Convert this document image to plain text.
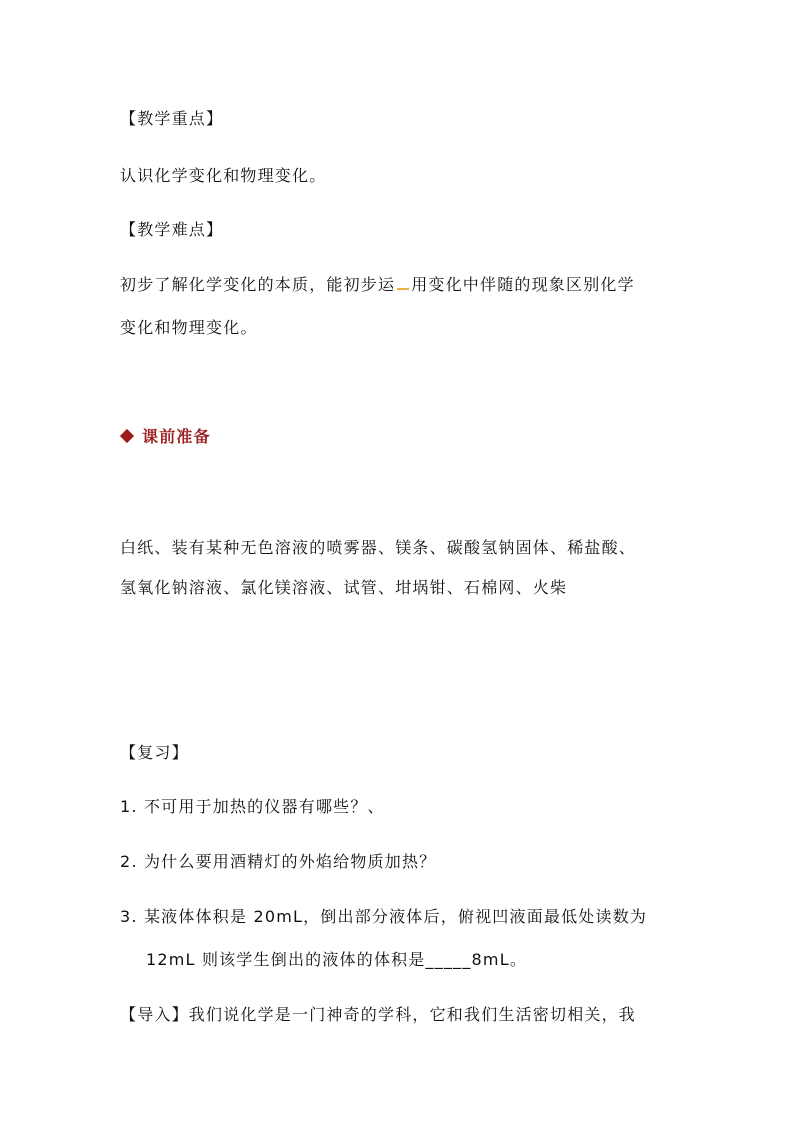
【教学重点】
认识化学变化和物理变化。
【教学难点】
初步了解化学变化的本质，能初步运 用变化中伴随的现象区别化学
变化和物理变化。
课前准备
白纸、装有某种无色溶液的喷雾器、镁条、碳酸氢钠固体、稀盐酸、
氢氧化钠溶液、氯化镁溶液、试管、坩埚钳、石棉网、火柴
【复习】
1. 不可用于加热的仪器有哪些？、
2. 为什么要用酒精灯的外焰给物质加热？
3. 某液体体积是 20mL，倒出部分液体后，俯视凹液面最低处读数为
12mL 则该学生倒出的液体的体积是_____8mL。
【导入】我们说化学是一门神奇的学科，它和我们生活密切相关，我
